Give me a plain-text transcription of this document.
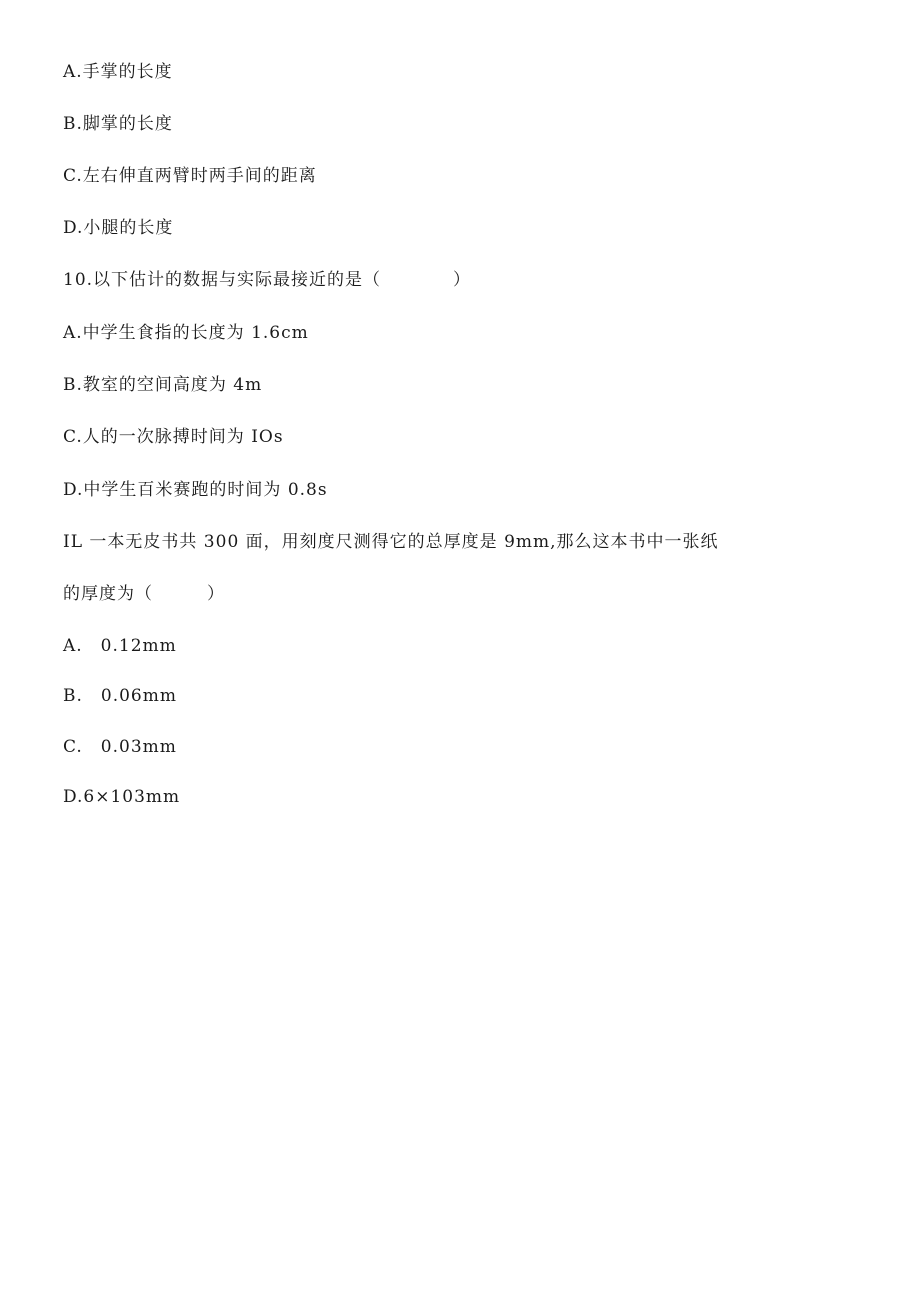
A.手掌的长度
B.脚掌的长度
C.左右伸直两臂时两手间的距离
D.小腿的长度
10.以下估计的数据与实际最接近的是（　　　　）
A.中学生食指的长度为 1.6cm
B.教室的空间高度为 4m
C.人的一次脉搏时间为 IOs
D.中学生百米赛跑的时间为 0.8s
IL 一本无皮书共 300 面，用刻度尺测得它的总厚度是 9mm,那么这本书中一张纸
的厚度为（　　　）
A.　0.12mm
B.　0.06mm
C.　0.03mm
D.6×103mm
